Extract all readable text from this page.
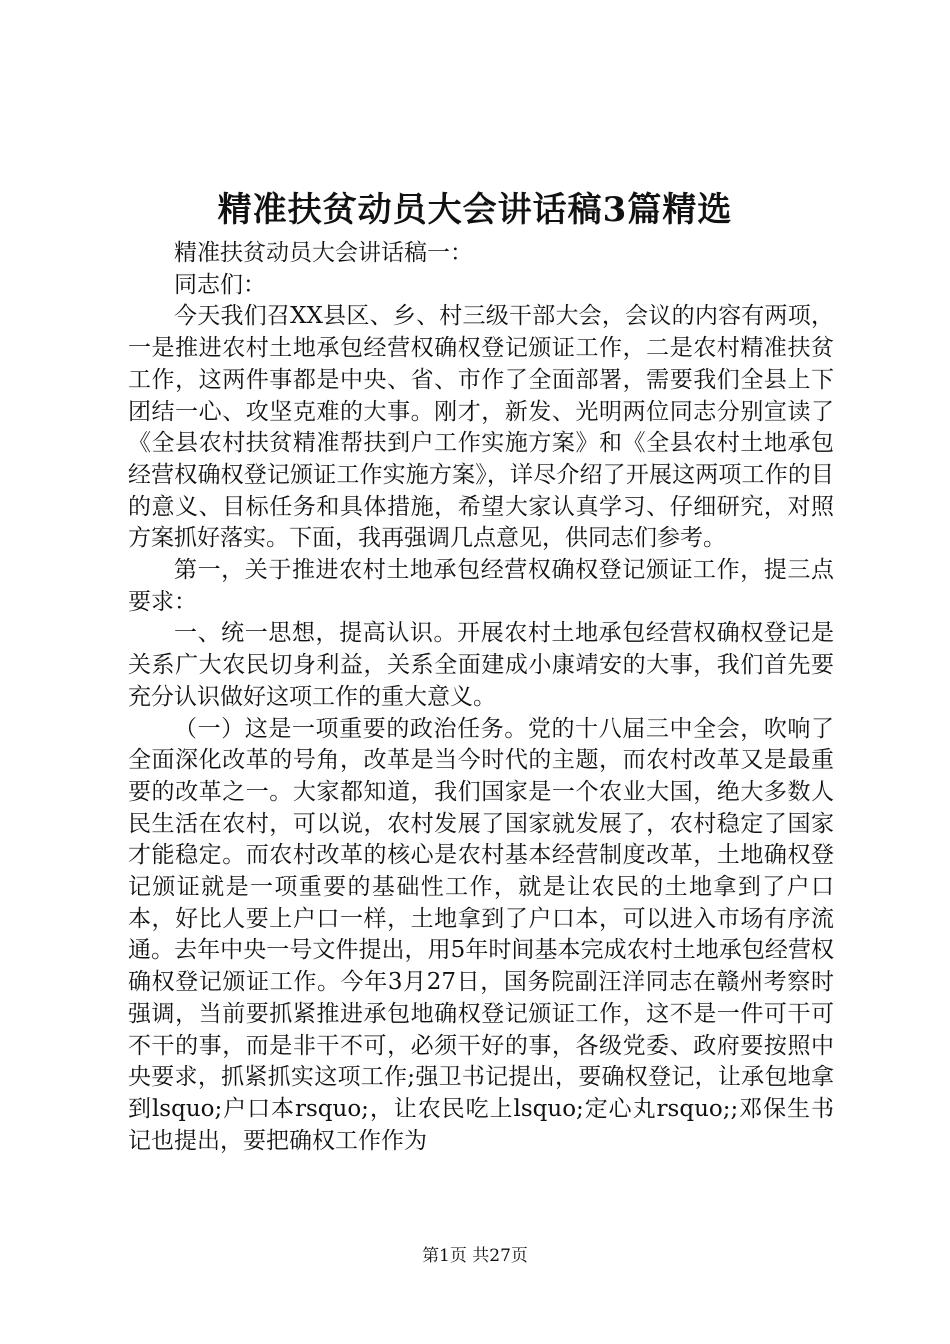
精准扶贫动员大会讲话稿3篇精选

精准扶贫动员大会讲话稿一：

同志们：

今天我们召XX县区、乡、村三级干部大会，会议的内容有两项，一是推进农村土地承包经营权确权登记颁证工作，二是农村精准扶贫工作，这两件事都是中央、省、市作了全面部署，需要我们全县上下团结一心、攻坚克难的大事。刚才，新发、光明两位同志分别宣读了《全县农村扶贫精准帮扶到户工作实施方案》和《全县农村土地承包经营权确权登记颁证工作实施方案》，详尽介绍了开展这两项工作的目的意义、目标任务和具体措施，希望大家认真学习、仔细研究，对照方案抓好落实。下面，我再强调几点意见，供同志们参考。

第一，关于推进农村土地承包经营权确权登记颁证工作，提三点要求：

一、统一思想，提高认识。开展农村土地承包经营权确权登记是关系广大农民切身利益，关系全面建成小康靖安的大事，我们首先要充分认识做好这项工作的重大意义。

（一）这是一项重要的政治任务。党的十八届三中全会，吹响了全面深化改革的号角，改革是当今时代的主题，而农村改革又是最重要的改革之一。大家都知道，我们国家是一个农业大国，绝大多数人民生活在农村，可以说，农村发展了国家就发展了，农村稳定了国家才能稳定。而农村改革的核心是农村基本经营制度改革，土地确权登记颁证就是一项重要的基础性工作，就是让农民的土地拿到了户口本，好比人要上户口一样，土地拿到了户口本，可以进入市场有序流通。去年中央一号文件提出，用5年时间基本完成农村土地承包经营权确权登记颁证工作。今年3月27日，国务院副汪洋同志在赣州考察时强调，当前要抓紧推进承包地确权登记颁证工作，这不是一件可干可不干的事，而是非干不可，必须干好的事，各级党委、政府要按照中央要求，抓紧抓实这项工作;强卫书记提出，要确权登记，让承包地拿到lsquo;户口本rsquo;，让农民吃上lsquo;定心丸rsquo;;邓保生书记也提出，要把确权工作作为

第1页 共27页
